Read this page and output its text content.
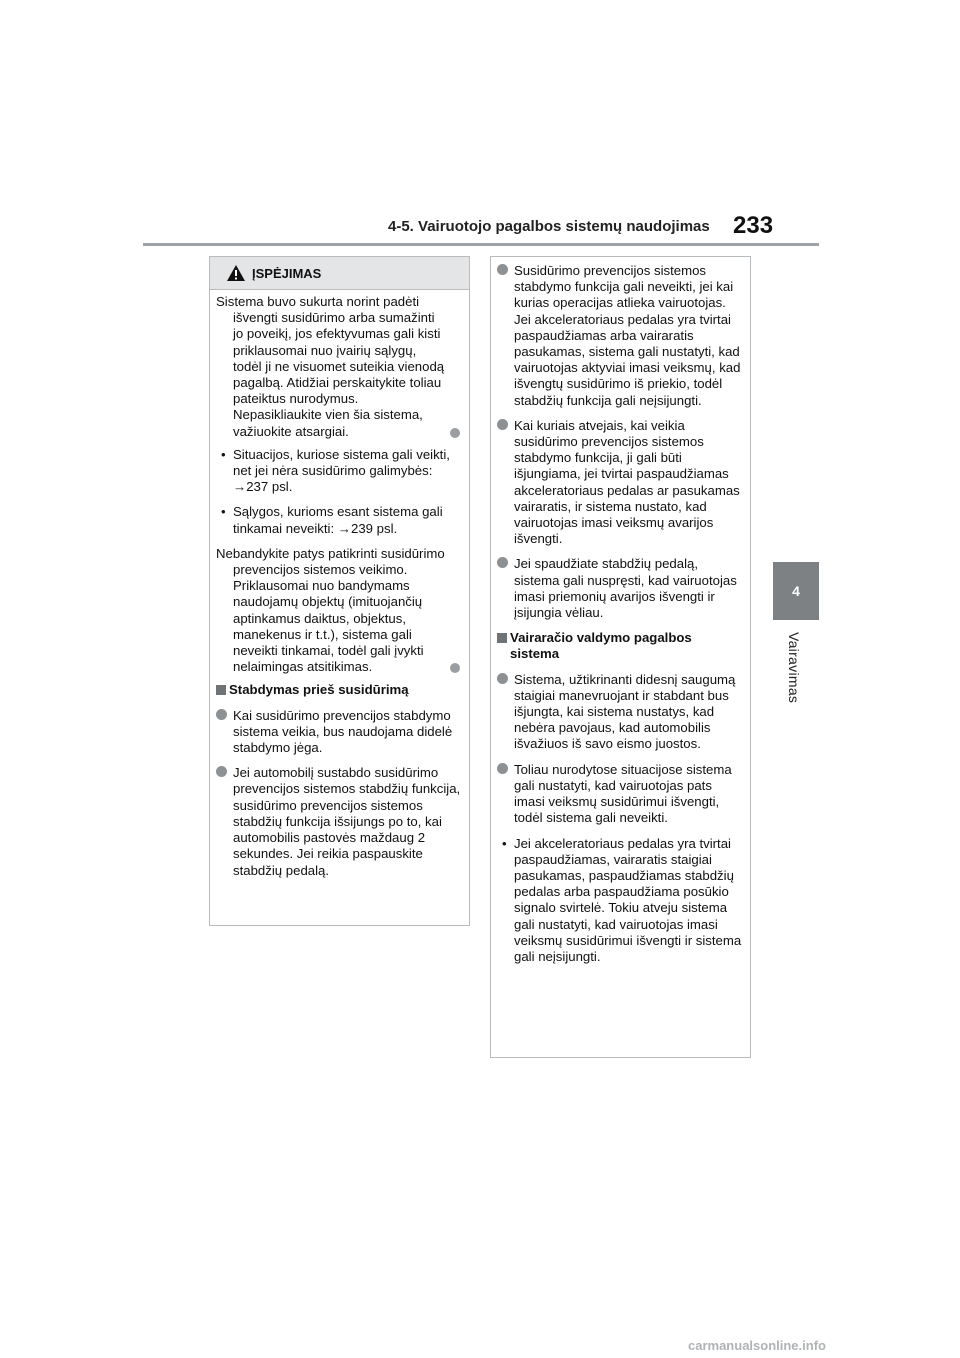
4-5. Vairuotojo pagalbos sistemų naudojimas 233
4
Vairavimas
ĮSPĖJIMAS
Sistema buvo sukurta norint padėti išvengti susidūrimo arba sumažinti jo poveikį, jos efektyvumas gali kisti priklausomai nuo įvairių sąlygų, todėl ji ne visuomet suteikia vienodą pagalbą. Atidžiai perskaitykite toliau pateiktus nurodymus. Nepasikliaukite vien šia sistema, važiuokite atsargiai.
• Situacijos, kuriose sistema gali veikti, net jei nėra susidūrimo galimybės: →237 psl.
• Sąlygos, kurioms esant sistema gali tinkamai neveikti: →239 psl.
Nebandykite patys patikrinti susidūrimo prevencijos sistemos veikimo. Priklausomai nuo bandymams naudojamų objektų (imituojančių aptinkamus daiktus, objektus, manekenus ir t.t.), sistema gali neveikti tinkamai, todėl gali įvykti nelaimingas atsitikimas.
Stabdymas prieš susidūrimą
Kai susidūrimo prevencijos stabdymo sistema veikia, bus naudojama didelė stabdymo jėga.
Jei automobilį sustabdo susidūrimo prevencijos sistemos stabdžių funkcija, susidūrimo prevencijos sistemos stabdžių funkcija išsijungs po to, kai automobilis pastovės maždaug 2 sekundes. Jei reikia paspauskite stabdžių pedalą.
Susidūrimo prevencijos sistemos stabdymo funkcija gali neveikti, jei kai kurias operacijas atlieka vairuotojas. Jei akceleratoriaus pedalas yra tvirtai paspaudžiamas arba vairaratis pasukamas, sistema gali nustatyti, kad vairuotojas aktyviai imasi veiksmų, kad išvengtų susidūrimo iš priekio, todėl stabdžių funkcija gali neįsijungti.
Kai kuriais atvejais, kai veikia susidūrimo prevencijos sistemos stabdymo funkcija, ji gali būti išjungiama, jei tvirtai paspaudžiamas akceleratoriaus pedalas ar pasukamas vairaratis, ir sistema nustato, kad vairuotojas imasi veiksmų avarijos išvengti.
Jei spaudžiate stabdžių pedalą, sistema gali nuspręsti, kad vairuotojas imasi priemonių avarijos išvengti ir įsijungia vėliau.
Vairaračio valdymo pagalbos sistema
Sistema, užtikrinanti didesnį saugumą staigiai manevruojant ir stabdant bus išjungta, kai sistema nustatys, kad nebėra pavojaus, kad automobilis išvažiuos iš savo eismo juostos.
Toliau nurodytose situacijose sistema gali nustatyti, kad vairuotojas pats imasi veiksmų susidūrimui išvengti, todėl sistema gali neveikti.
• Jei akceleratoriaus pedalas yra tvirtai paspaudžiamas, vairaratis staigiai pasukamas, paspaudžiamas stabdžių pedalas arba paspaudžiama posūkio signalo svirtelė. Tokiu atveju sistema gali nustatyti, kad vairuotojas imasi veiksmų susidūrimui išvengti ir sistema gali neįsijungti.
carmanualsonline.info
